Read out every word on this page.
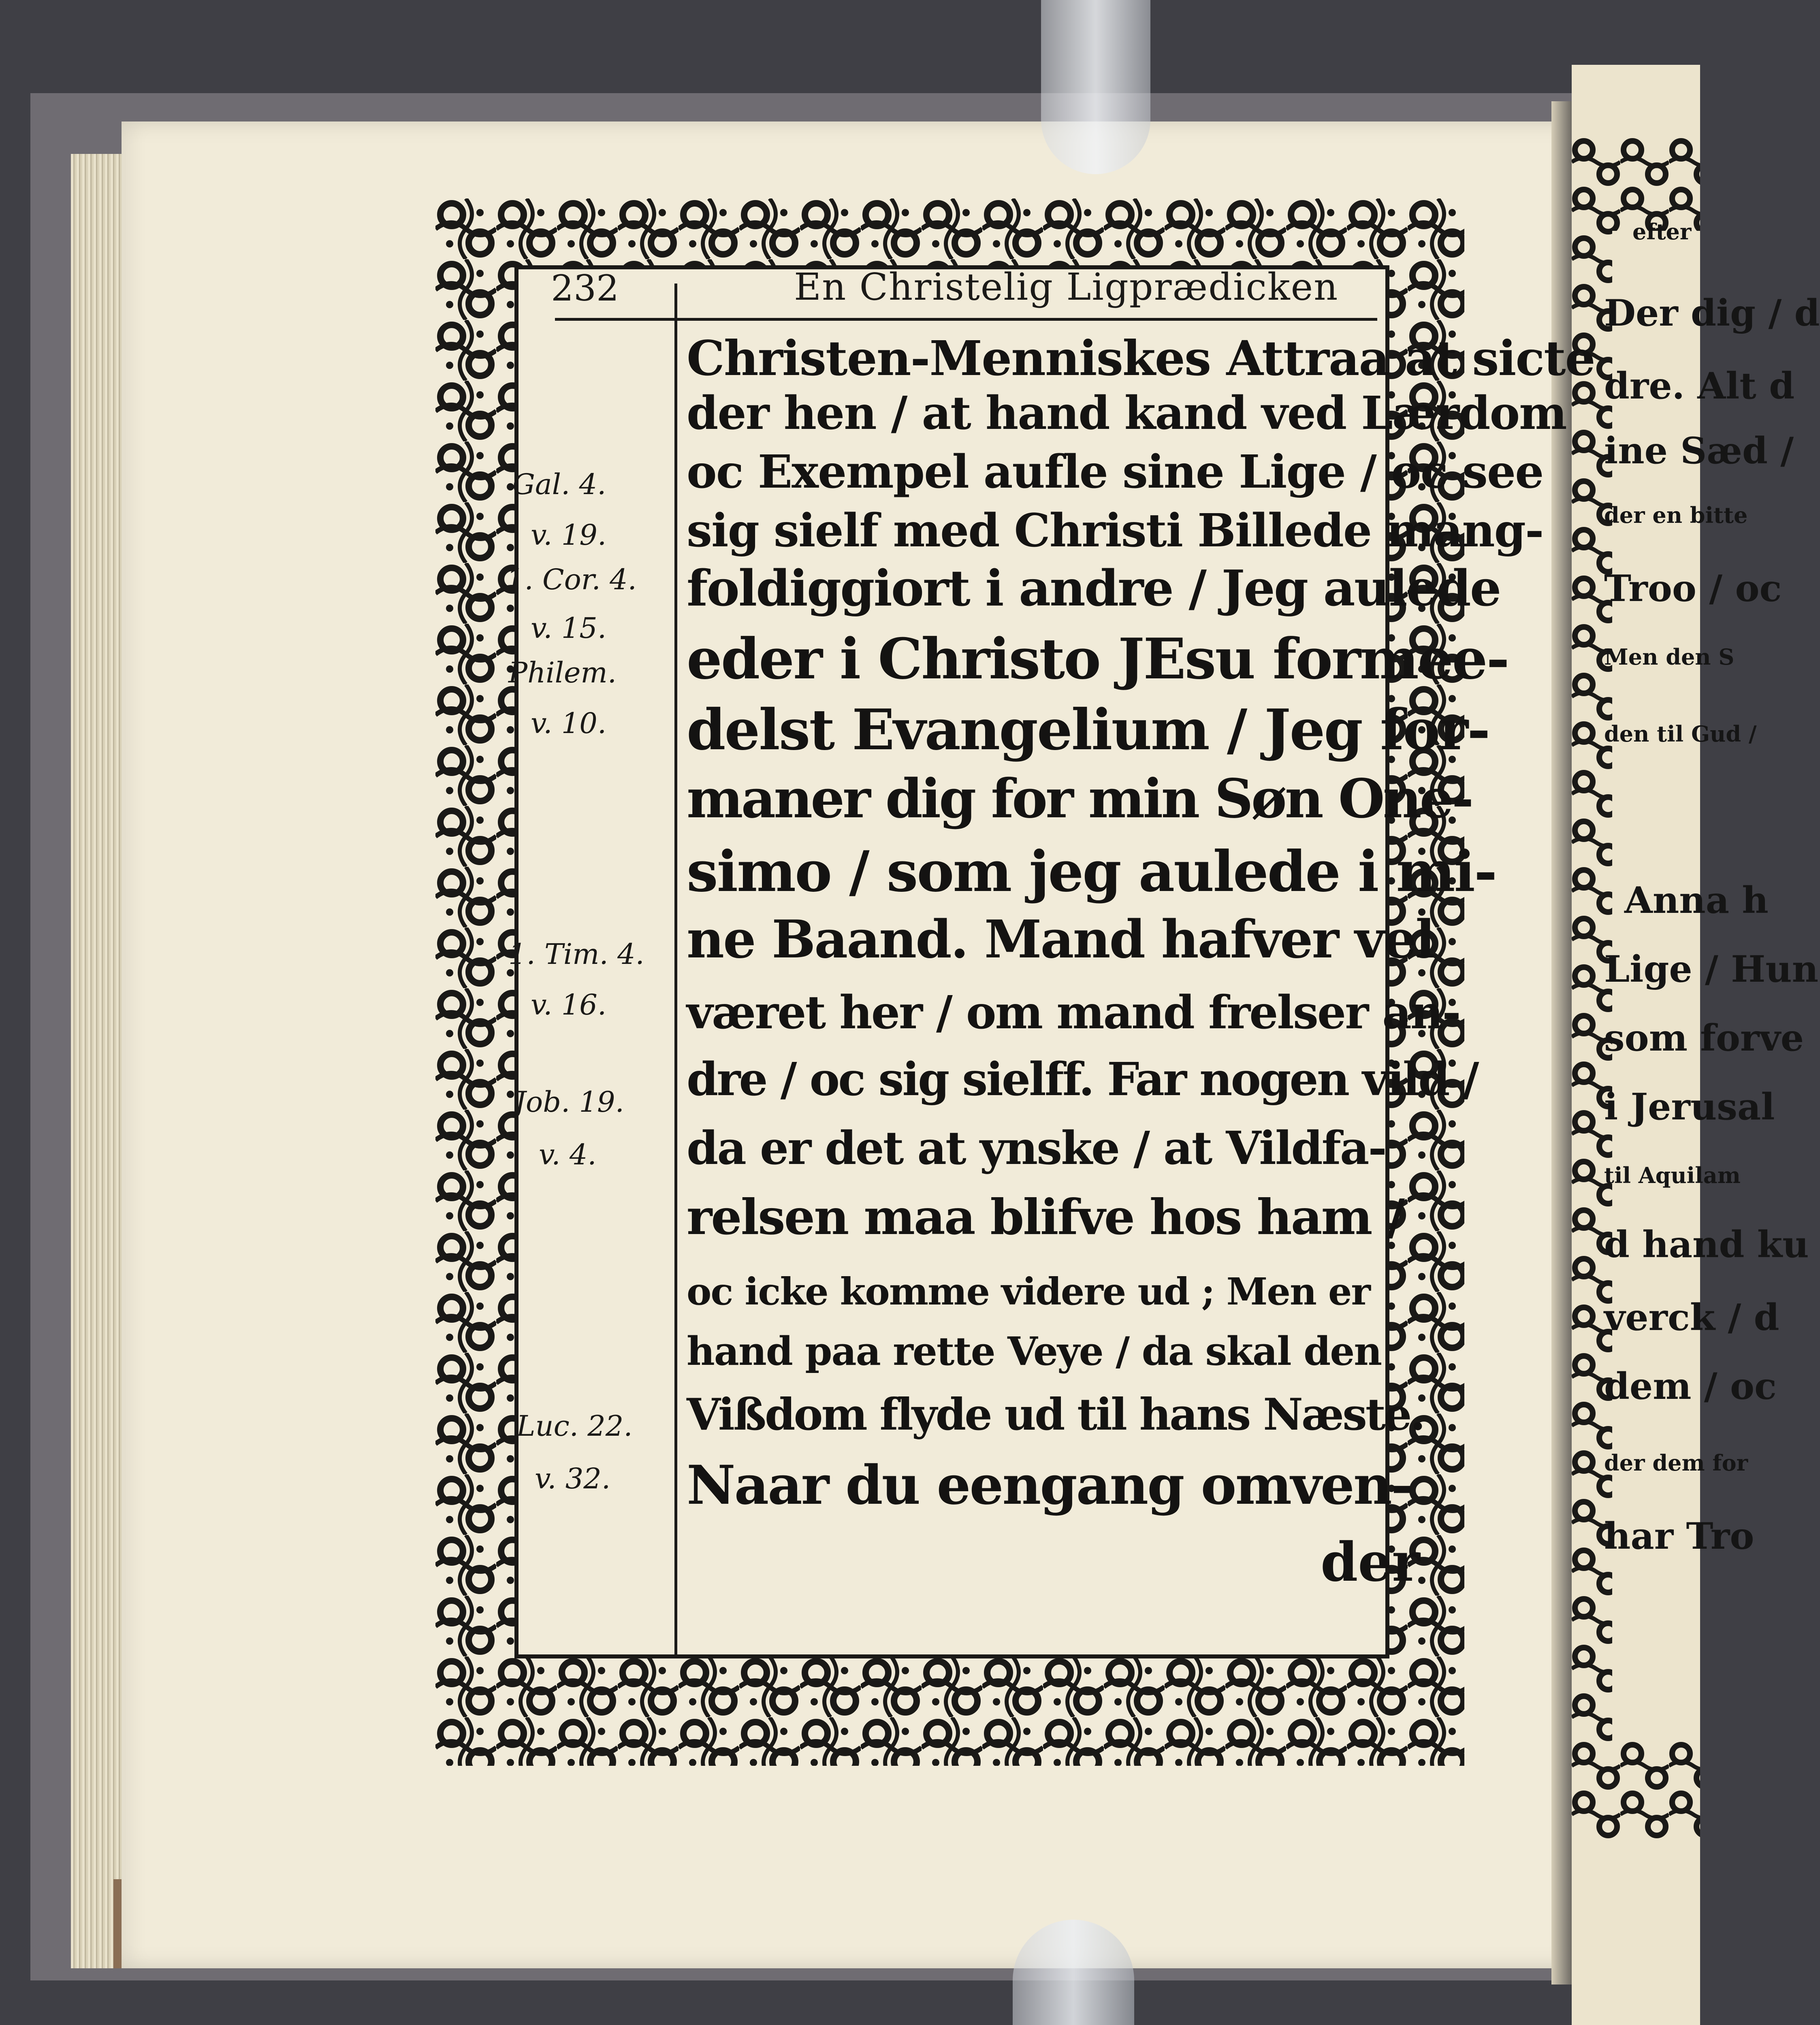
efter
Der dig / d
dre. Alt d
ine Sæd /
der en bitte
Troo / oc
Men den S
den til Gud /
Anna h
Lige / Hun
som forve
i Jerusal
til Aquilam
d hand ku
verck / d
dem / oc
der dem for
har Tro
232	En Christelig Ligprædicken
Christen-Menniskes Attraa at sicte
der hen / at hand kand ved Lærdom
oc Exempel aufle sine Lige / oc see
sig sielf med Christi Billede mang-
foldiggiort i andre / Jeg aulede
eder i Christo JEsu formee-
delst Evangelium / Jeg for-
maner dig for min Søn One-
simo / som jeg aulede i mi-
ne Baand. Mand hafver vel
været her / om mand frelser an-
dre / oc sig sielff. Far nogen vild /
da er det at ynske / at Vildfa-
relsen maa blifve hos ham /
oc icke komme videre ud ; Men er
hand paa rette Veye / da skal den
Vißdom flyde ud til hans Næste.
Naar du eengang omven-
der
Gal. 4.
v. 19.
1. Cor. 4.
v. 15.
Philem.
v. 10.
1. Tim. 4.
v. 16.
Job. 19.
v. 4.
Luc. 22.
v. 32.
